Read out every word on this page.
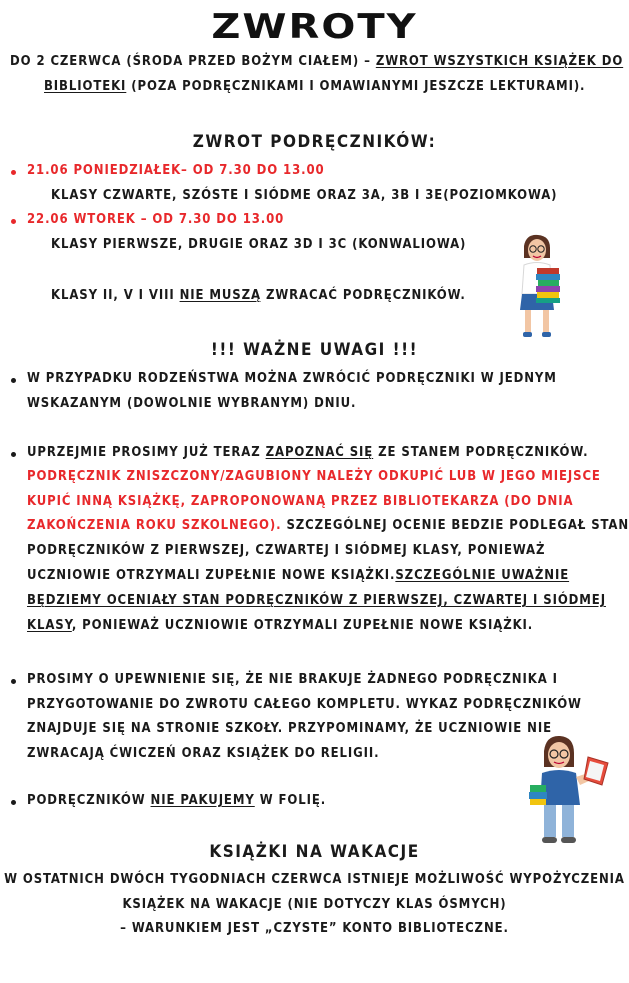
ZWROTY
DO 2 CZERWCA (ŚRODA PRZED BOŻYM CIAŁEM) – ZWROT WSZYSTKICH KSIĄŻEK DO
BIBLIOTEKI (POZA PODRĘCZNIKAMI I OMAWIANYMI JESZCZE LEKTURAMI).
ZWROT PODRĘCZNIKÓW:
21.06 PONIEDZIAŁEK– OD 7.30 DO 13.00
KLASY CZWARTE, SZÓSTE I SIÓDME ORAZ 3A, 3B I 3E(POZIOMKOWA)
22.06 WTOREK – OD 7.30 DO 13.00
KLASY PIERWSZE, DRUGIE ORAZ 3D I 3C (KONWALIOWA)
KLASY II, V I VIII NIE MUSZĄ ZWRACAĆ PODRĘCZNIKÓW.
!!! WAŻNE UWAGI !!!
W PRZYPADKU RODZEŃSTWA MOŻNA ZWRÓCIĆ PODRĘCZNIKI W JEDNYM
WSKAZANYM (DOWOLNIE WYBRANYM) DNIU.
UPRZEJMIE PROSIMY JUŻ TERAZ ZAPOZNAĆ SIĘ ZE STANEM PODRĘCZNIKÓW.
PODRĘCZNIK ZNISZCZONY/ZAGUBIONY NALEŻY ODKUPIĆ LUB W JEGO MIEJSCE
KUPIĆ INNĄ KSIĄŻKĘ, ZAPROPONOWANĄ PRZEZ BIBLIOTEKARZA (DO DNIA
ZAKOŃCZENIA ROKU SZKOLNEGO). SZCZEGÓLNEJ OCENIE BEDZIE PODLEGAŁ STAN
PODRĘCZNIKÓW Z PIERWSZEJ, CZWARTEJ I SIÓDMEJ KLASY, PONIEWAŻ
UCZNIOWIE OTRZYMALI ZUPEŁNIE NOWE KSIĄŻKI.SZCZEGÓLNIE UWAŻNIE
BĘDZIEMY OCENIAŁY STAN PODRĘCZNIKÓW Z PIERWSZEJ, CZWARTEJ I SIÓDMEJ
KLASY, PONIEWAŻ UCZNIOWIE OTRZYMALI ZUPEŁNIE NOWE KSIĄŻKI.
PROSIMY O UPEWNIENIE SIĘ, ŻE NIE BRAKUJE ŻADNEGO PODRĘCZNIKA I
PRZYGOTOWANIE DO ZWROTU CAŁEGO KOMPLETU. WYKAZ PODRĘCZNIKÓW
ZNAJDUJE SIĘ NA STRONIE SZKOŁY. PRZYPOMINAMY, ŻE UCZNIOWIE NIE
ZWRACAJĄ ĆWICZEŃ ORAZ KSIĄŻEK DO RELIGII.
PODRĘCZNIKÓW NIE PAKUJEMY W FOLIĘ.
KSIĄŻKI NA WAKACJE
W OSTATNICH DWÓCH TYGODNIACH CZERWCA ISTNIEJE MOŻLIWOŚĆ WYPOŻYCZENIA
KSIĄŻEK NA WAKACJE (NIE DOTYCZY KLAS ÓSMYCH)
– WARUNKIEM JEST „CZYSTE” KONTO BIBLIOTECZNE.
